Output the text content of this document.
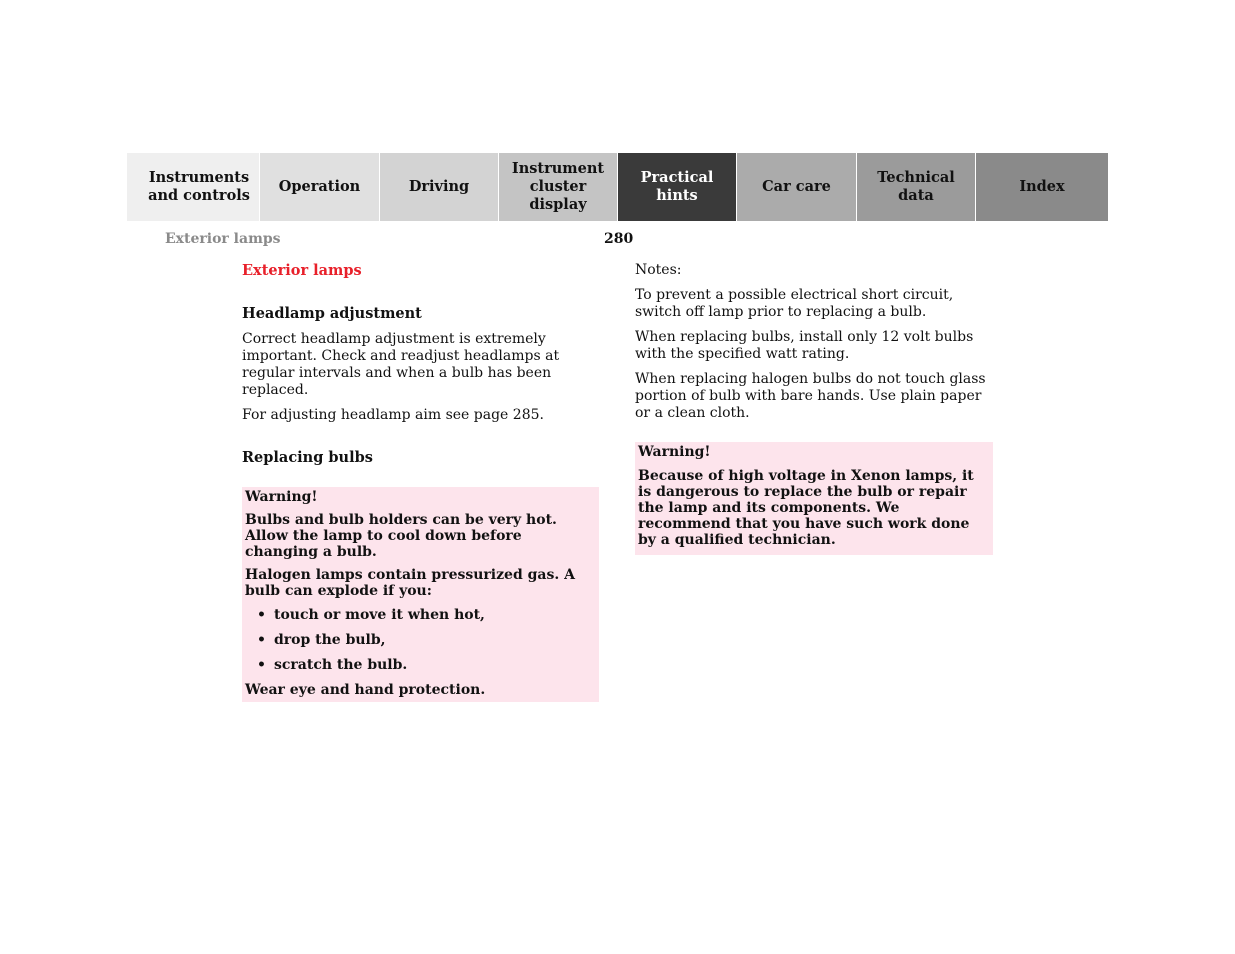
Instruments
and controls
Operation	Driving
Instrument
cluster display
Practical hints
Car care
Technical
data
Index
Exterior lamps	280
Exterior lamps
Headlamp adjustment

Correct headlamp adjustment is extremely important. Check and readjust headlamps at regular intervals and when a bulb has been replaced.

For adjusting headlamp aim see page 285.

Replacing bulbs
Warning!
Bulbs and bulb holders can be very hot. Allow the lamp to cool down before changing a bulb.
Halogen lamps contain pressurized gas. A bulb can explode if you:
• touch or move it when hot,
• drop the bulb,
• scratch the bulb.
Wear eye and hand protection.

Notes:

To prevent a possible electrical short circuit, switch off lamp prior to replacing a bulb.

When replacing bulbs, install only 12 volt bulbs with the specified watt rating.

When replacing halogen bulbs do not touch glass portion of bulb with bare hands. Use plain paper or a clean cloth.

Warning!
Because of high voltage in Xenon lamps, it is dangerous to replace the bulb or repair the lamp and its components. We recommend that you have such work done by a qualified technician.
